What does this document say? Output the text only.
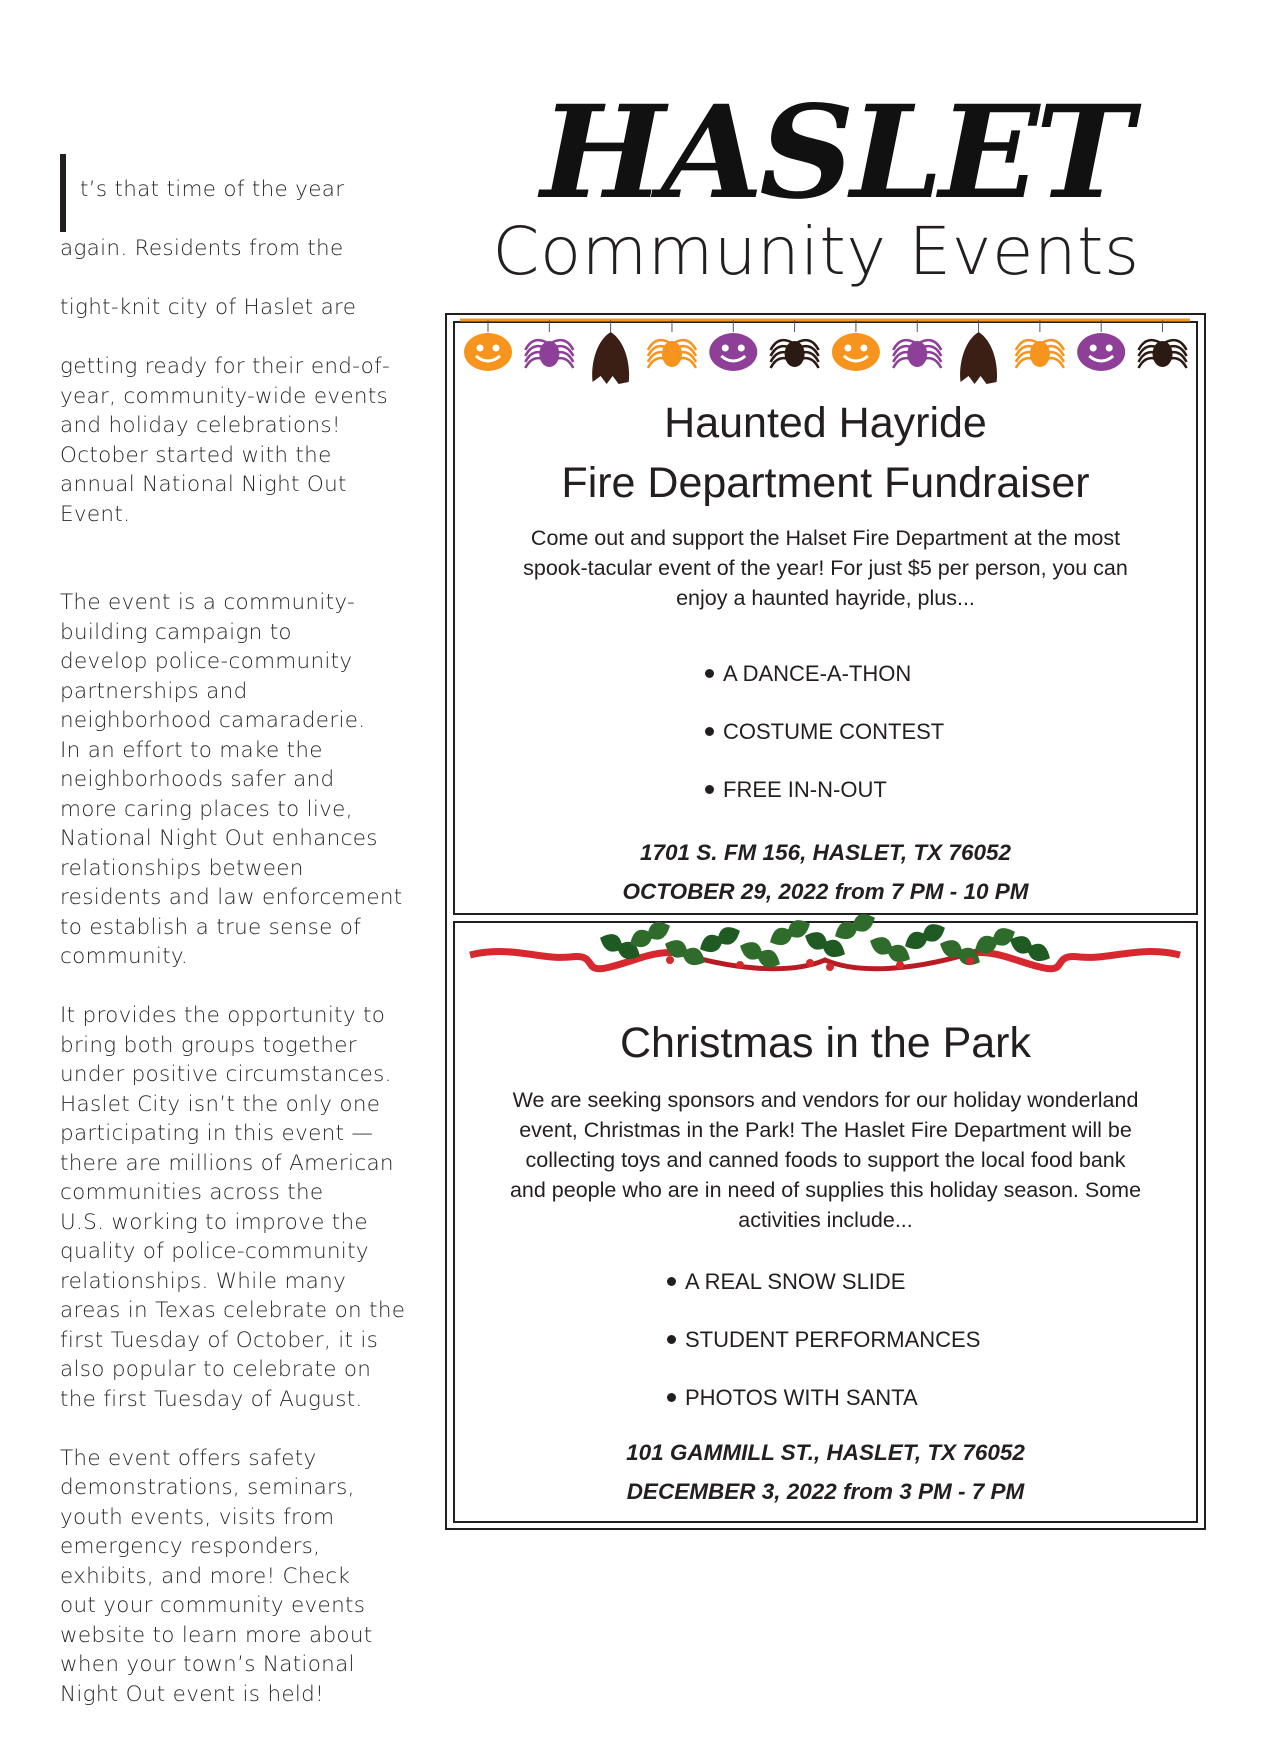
t’s that time of the year

again. Residents from the

tight-knit city of Haslet are

getting ready for their end-of-
year, community-wide events
and holiday celebrations!
October started with the
annual National Night Out
Event.

The event is a community-
building campaign to
develop police-community
partnerships and
neighborhood camaraderie.
In an effort to make the
neighborhoods safer and
more caring places to live,
National Night Out enhances
relationships between
residents and law enforcement
to establish a true sense of
community.

It provides the opportunity to
bring both groups together
under positive circumstances.
Haslet City isn’t the only one
participating in this event —
there are millions of American
communities across the
U.S. working to improve the
quality of police-community
relationships. While many
areas in Texas celebrate on the
first Tuesday of October, it is
also popular to celebrate on
the first Tuesday of August.

The event offers safety
demonstrations, seminars,
youth events, visits from
emergency responders,
exhibits, and more! Check
out your community events
website to learn more about
when your town’s National
Night Out event is held!

HASLET
Community Events
Haunted Hayride
Fire Department Fundraiser
Come out and support the Halset Fire Department at the most spook-tacular event of the year! For just $5 per person, you can enjoy a haunted hayride, plus...
A DANCE-A-THON
COSTUME CONTEST
FREE IN-N-OUT
1701 S. FM 156, HASLET, TX 76052
OCTOBER 29, 2022 from 7 PM - 10 PM
Christmas in the Park
We are seeking sponsors and vendors for our holiday wonderland event, Christmas in the Park! The Haslet Fire Department will be collecting toys and canned foods to support the local food bank and people who are in need of supplies this holiday season. Some activities include...
A REAL SNOW SLIDE
STUDENT PERFORMANCES
PHOTOS WITH SANTA
101 GAMMILL ST., HASLET, TX 76052
DECEMBER 3, 2022 from 3 PM - 7 PM
